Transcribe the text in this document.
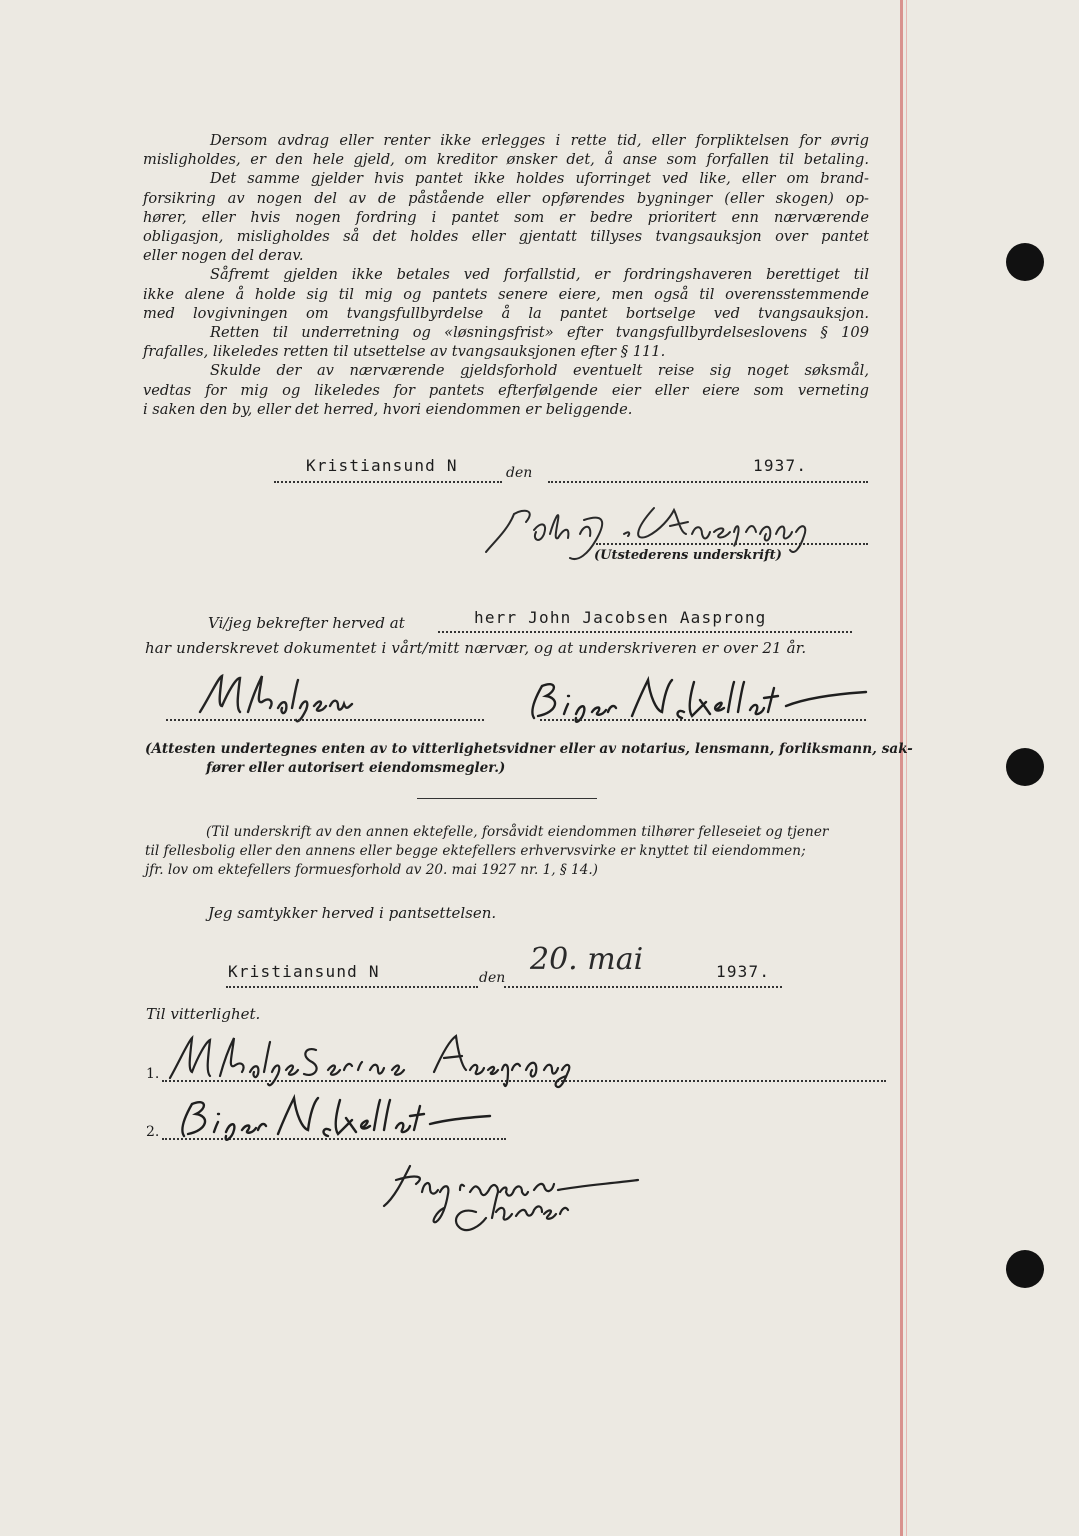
Dersom avdrag eller renter ikke erlegges i rette tid, eller forpliktelsen for øvrig
misligholdes, er den hele gjeld, om kreditor ønsker det, å anse som forfallen til betaling.
Det samme gjelder hvis pantet ikke holdes uforringet ved like, eller om brand-
forsikring av nogen del av de påstående eller opførendes bygninger (eller skogen) op-
hører, eller hvis nogen fordring i pantet som er bedre prioritert enn nærværende
obligasjon, misligholdes så det holdes eller gjentatt tillyses tvangsauksjon over pantet
eller nogen del derav.
Såfremt gjelden ikke betales ved forfallstid, er fordringshaveren berettiget til
ikke alene å holde sig til mig og pantets senere eiere, men også til overensstemmende
med lovgivningen om tvangsfullbyrdelse å la pantet bortselge ved tvangsauksjon.
Retten til underretning og «løsningsfrist» efter tvangsfullbyrdelseslovens § 109
frafalles, likeledes retten til utsettelse av tvangsauksjonen efter § 111.
Skulde der av nærværende gjeldsforhold eventuelt reise sig noget søksmål,
vedtas for mig og likeledes for pantets efterfølgende eier eller eiere som verneting
i saken den by, eller det herred, hvori eiendommen er beliggende.

Kristiansund N	den	1937.
(Utstederens underskrift)
Vi/jeg bekrefter herved at	herr John Jacobsen Aasprong
har underskrevet dokumentet i vårt/mitt nærvær, og at underskriveren er over 21 år.
(Attesten undertegnes enten av to vitterlighetsvidner eller av notarius, lensmann, forliksmann, sak-
fører eller autorisert eiendomsmegler.)
(Til underskrift av den annen ektefelle, forsåvidt eiendommen tilhører felleseiet og tjener
til fellesbolig eller den annens eller begge ektefellers erhvervsvirke er knyttet til eiendommen;
jfr. lov om ektefellers formuesforhold av 20. mai 1927 nr. 1, § 14.)
Jeg samtykker herved i pantsettelsen.
Kristiansund N	den
20. mai	1937.
Til vitterlighet.
1.
2.
